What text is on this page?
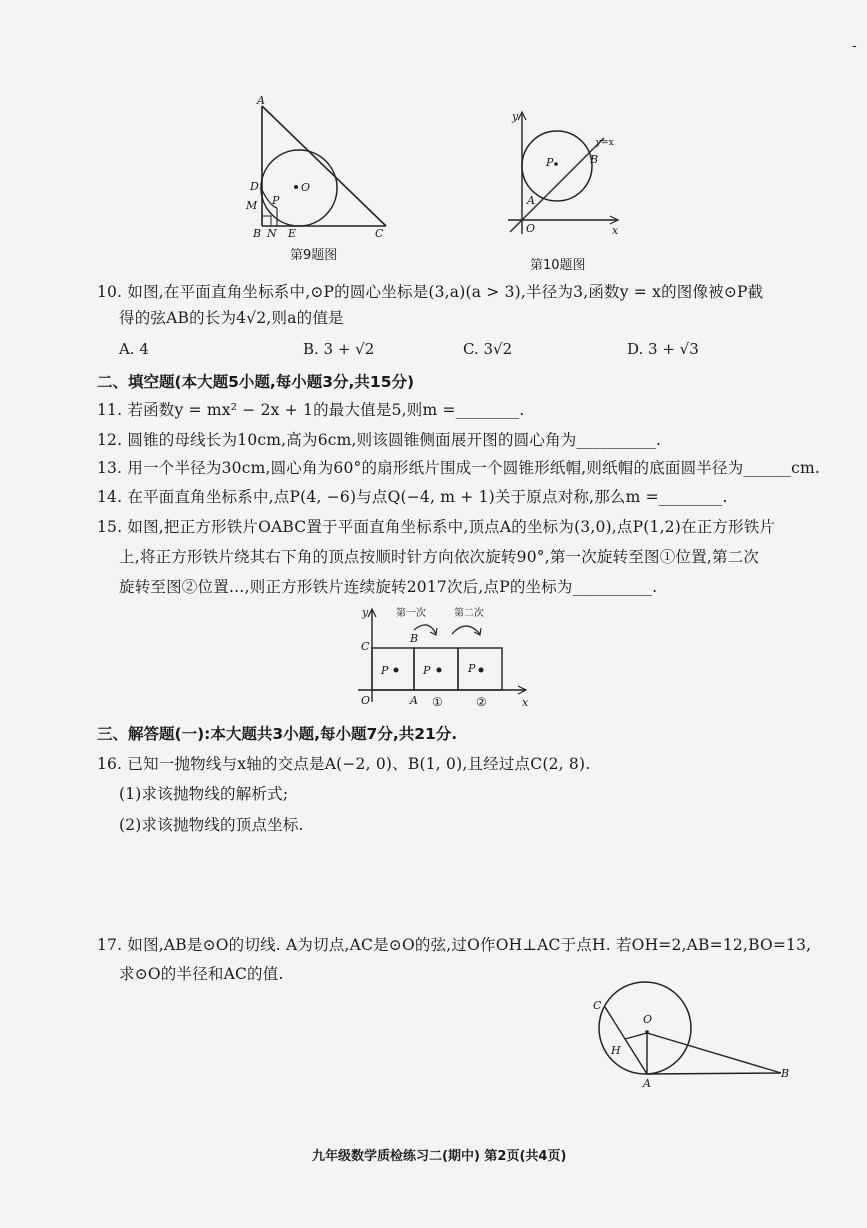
-
A
D
M P
O
B N E	C
第9题图
y
x
P	B
A
O
y=x
第10题图
10. 如图,在平面直角坐标系中,⊙P的圆心坐标是(3,a)(a > 3),半径为3,函数y = x的图像被⊙P截
得的弦AB的长为4√2,则a的值是
A. 4	B. 3 + √2	C. 3√2	D. 3 + √3
二、填空题(本大题5小题,每小题3分,共15分)
11. 若函数y = mx² − 2x + 1的最大值是5,则m =________.
12. 圆锥的母线长为10cm,高为6cm,则该圆锥侧面展开图的圆心角为__________.
13. 用一个半径为30cm,圆心角为60°的扇形纸片围成一个圆锥形纸帽,则纸帽的底面圆半径为______cm.
14. 在平面直角坐标系中,点P(4, −6)与点Q(−4, m + 1)关于原点对称,那么m =________.
15. 如图,把正方形铁片OABC置于平面直角坐标系中,顶点A的坐标为(3,0),点P(1,2)在正方形铁片
上,将正方形铁片绕其右下角的顶点按顺时针方向依次旋转90°,第一次旋转至图①位置,第二次
旋转至图②位置…,则正方形铁片连续旋转2017次后,点P的坐标为__________.
y
C
O	A
B
x
P	P	P
第一次	第二次
①	②
三、解答题(一):本大题共3小题,每小题7分,共21分.
16. 已知一抛物线与x轴的交点是A(−2, 0)、B(1, 0),且经过点C(2, 8).
(1)求该抛物线的解析式;
(2)求该抛物线的顶点坐标.
17. 如图,AB是⊙O的切线. A为切点,AC是⊙O的弦,过O作OH⊥AC于点H. 若OH=2,AB=12,BO=13,
求⊙O的半径和AC的值.
C
O
H
A
B
九年级数学质检练习二(期中) 第2页(共4页)
